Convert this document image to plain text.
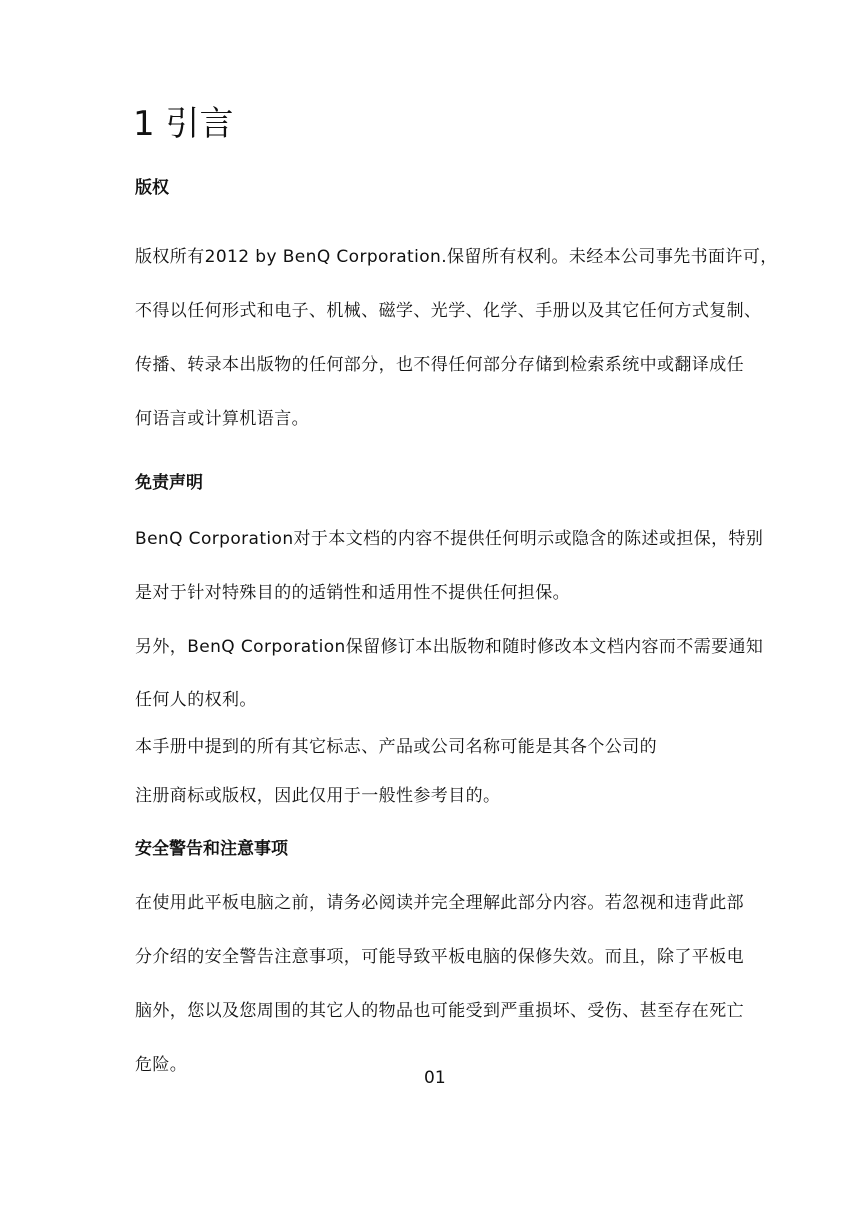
1 引言
版权

版权所有2012 by BenQ Corporation.保留所有权利。未经本公司事先书面许可，

不得以任何形式和电子、机械、磁学、光学、化学、手册以及其它任何方式复制、

传播、转录本出版物的任何部分，也不得任何部分存储到检索系统中或翻译成任

何语言或计算机语言。

免责声明

BenQ Corporation对于本文档的内容不提供任何明示或隐含的陈述或担保，特别

是对于针对特殊目的的适销性和适用性不提供任何担保。

另外，BenQ Corporation保留修订本出版物和随时修改本文档内容而不需要通知

任何人的权利。

本手册中提到的所有其它标志、产品或公司名称可能是其各个公司的

注册商标或版权，因此仅用于一般性参考目的。

安全警告和注意事项

在使用此平板电脑之前，请务必阅读并完全理解此部分内容。若忽视和违背此部

分介绍的安全警告注意事项，可能导致平板电脑的保修失效。而且，除了平板电

脑外，您以及您周围的其它人的物品也可能受到严重损坏、受伤、甚至存在死亡

危险。

01
